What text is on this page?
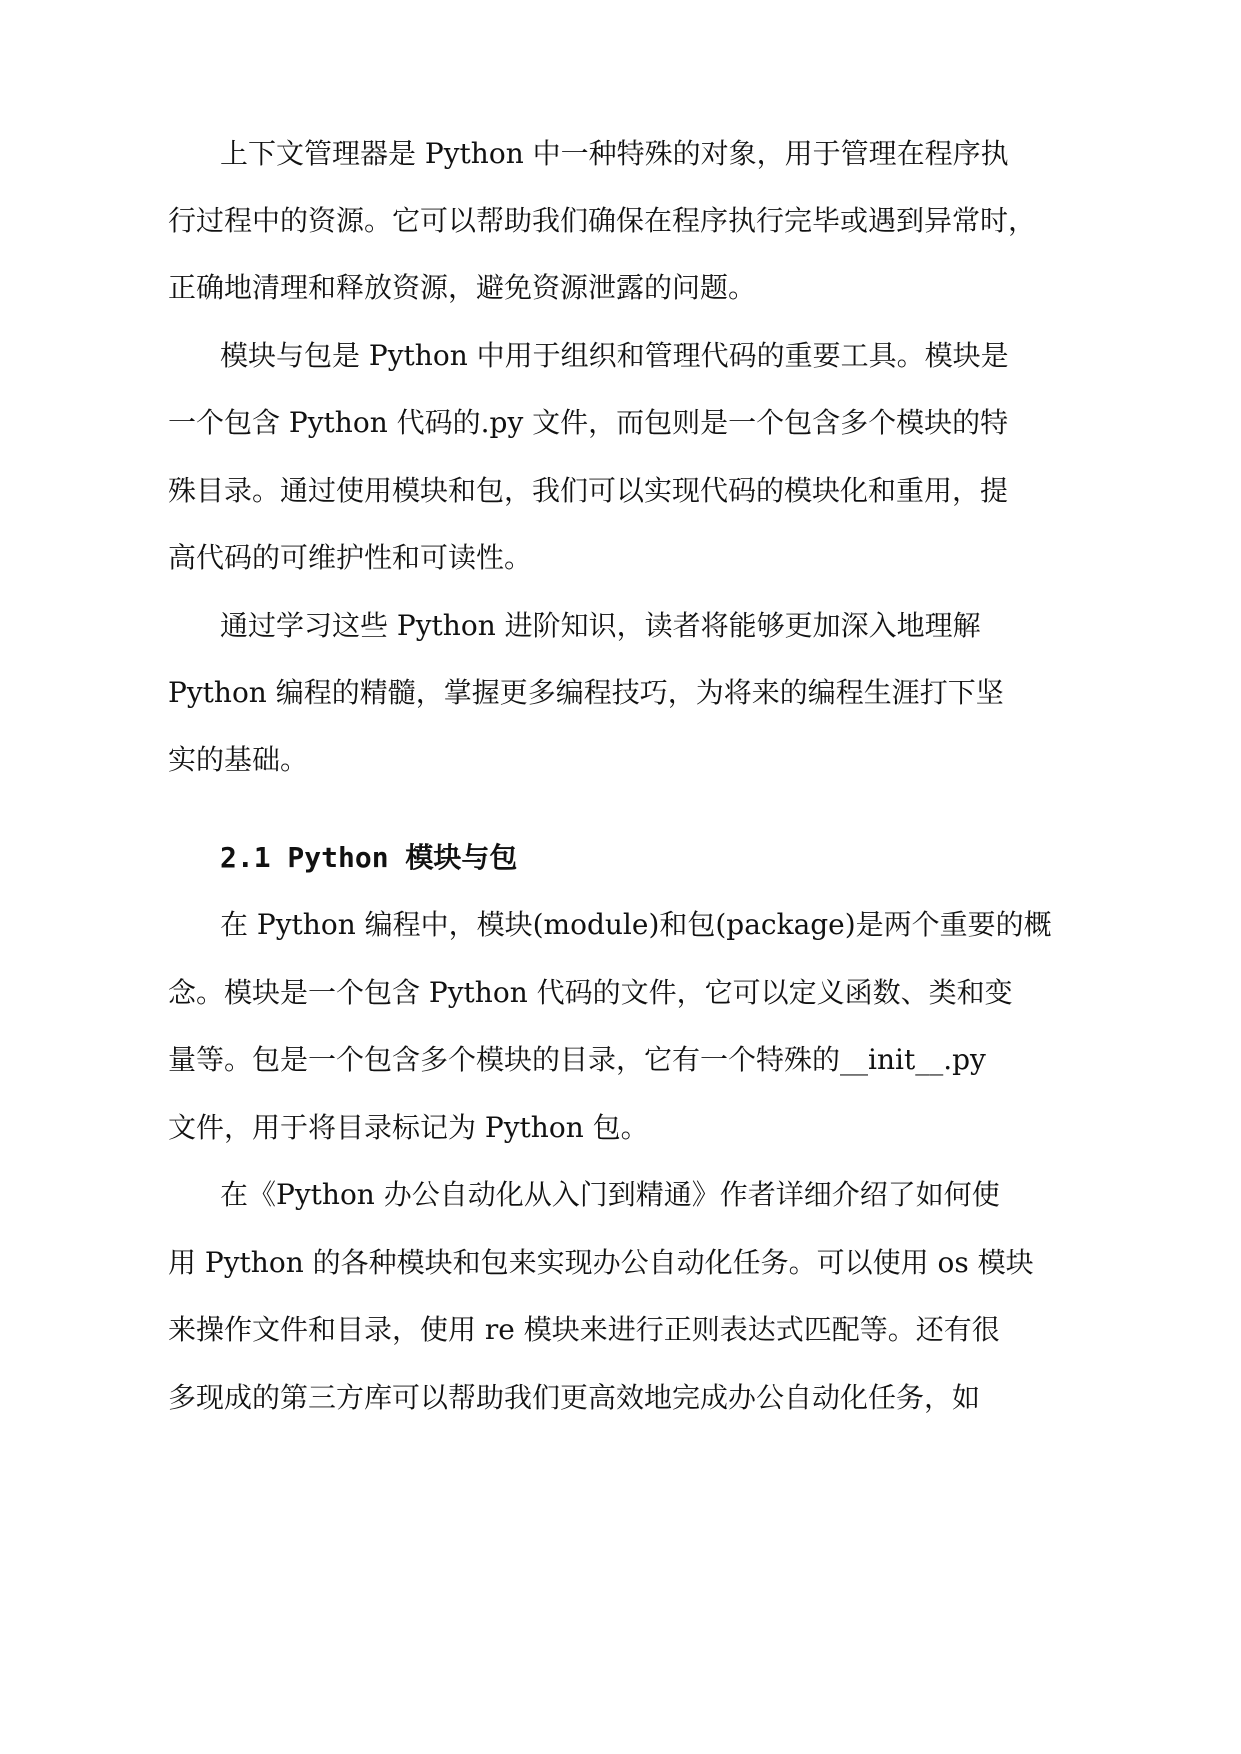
上下文管理器是 Python 中一种特殊的对象，用于管理在程序执
行过程中的资源。它可以帮助我们确保在程序执行完毕或遇到异常时，
正确地清理和释放资源，避免资源泄露的问题。
模块与包是 Python 中用于组织和管理代码的重要工具。模块是
一个包含 Python 代码的.py 文件，而包则是一个包含多个模块的特
殊目录。通过使用模块和包，我们可以实现代码的模块化和重用，提
高代码的可维护性和可读性。
通过学习这些 Python 进阶知识，读者将能够更加深入地理解
Python 编程的精髓，掌握更多编程技巧，为将来的编程生涯打下坚
实的基础。
2.1 Python 模块与包
在 Python 编程中，模块(module)和包(package)是两个重要的概
念。模块是一个包含 Python 代码的文件，它可以定义函数、类和变
量等。包是一个包含多个模块的目录，它有一个特殊的__init__.py
文件，用于将目录标记为 Python 包。
在《Python 办公自动化从入门到精通》作者详细介绍了如何使
用 Python 的各种模块和包来实现办公自动化任务。可以使用 os 模块
来操作文件和目录，使用 re 模块来进行正则表达式匹配等。还有很
多现成的第三方库可以帮助我们更高效地完成办公自动化任务，如
